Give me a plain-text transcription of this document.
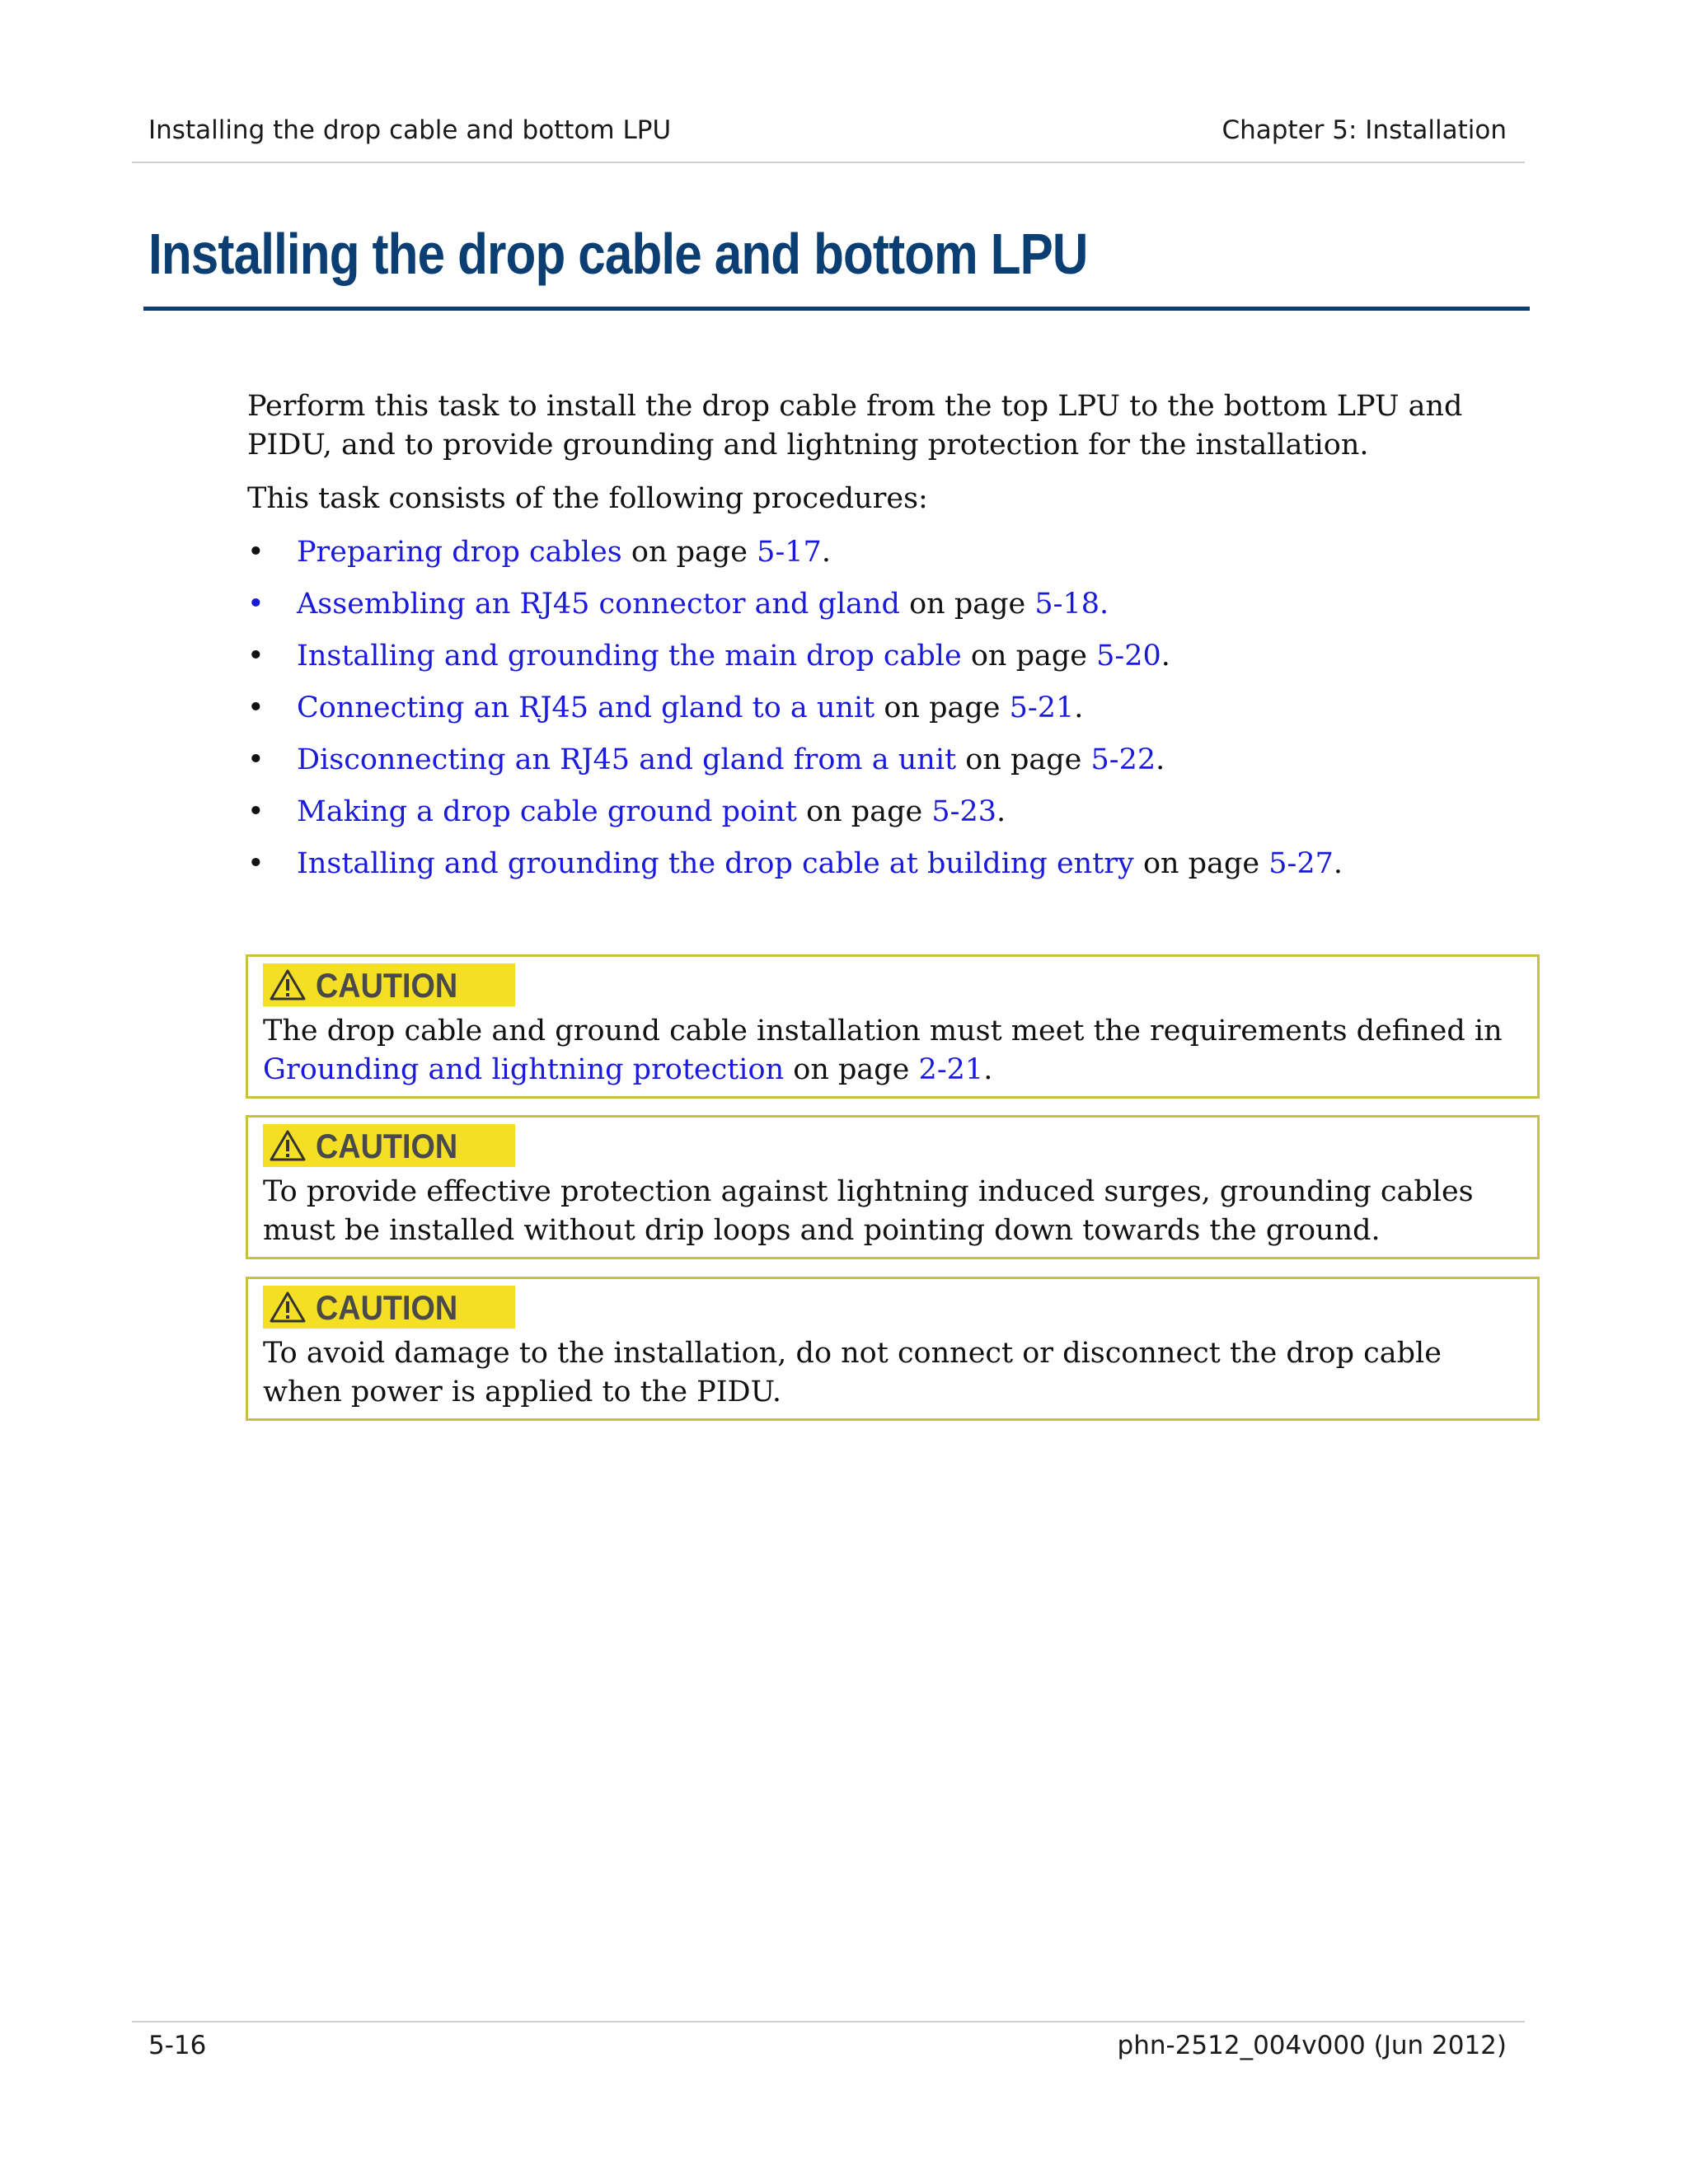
Installing the drop cable and bottom LPU	Chapter 5: Installation
Installing the drop cable and bottom LPU

Perform this task to install the drop cable from the top LPU to the bottom LPU and PIDU, and to provide grounding and lightning protection for the installation.

This task consists of the following procedures:

• Preparing drop cables on page 5-17.
• Assembling an RJ45 connector and gland on page 5-18.
• Installing and grounding the main drop cable on page 5-20.
• Connecting an RJ45 and gland to a unit on page 5-21.
• Disconnecting an RJ45 and gland from a unit on page 5-22.
• Making a drop cable ground point on page 5-23.
• Installing and grounding the drop cable at building entry on page 5-27.
CAUTION
The drop cable and ground cable installation must meet the requirements defined in
Grounding and lightning protection on page 2-21.
CAUTION
To provide effective protection against lightning induced surges, grounding cables must be installed without drip loops and pointing down towards the ground.
CAUTION
To avoid damage to the installation, do not connect or disconnect the drop cable when power is applied to the PIDU.
5-16	phn-2512_004v000 (Jun 2012)
